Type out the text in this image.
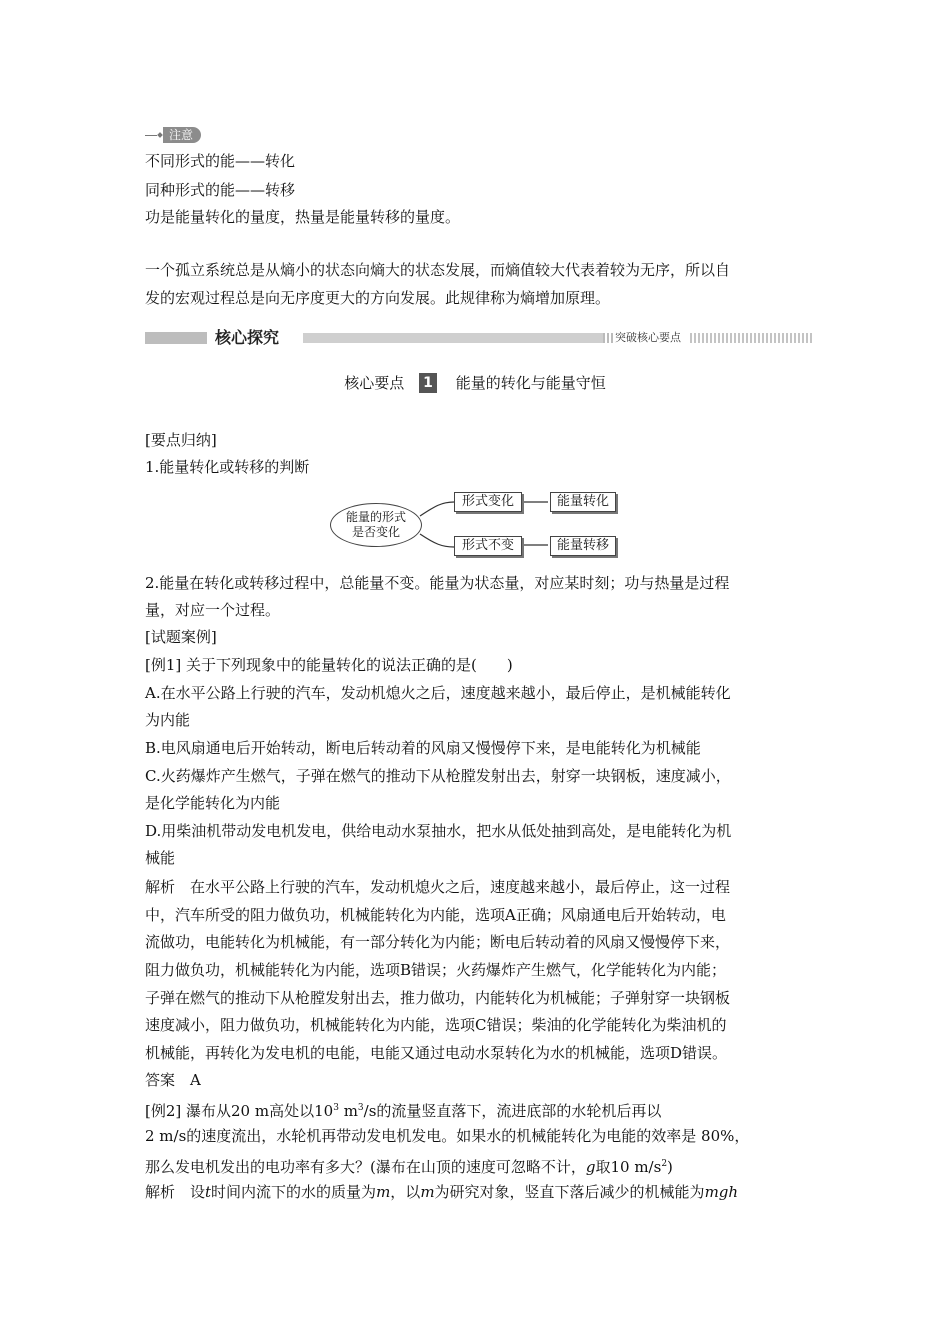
注意
不同形式的能——转化
同种形式的能——转移
功是能量转化的量度，热量是能量转移的量度。
一个孤立系统总是从熵小的状态向熵大的状态发展，而熵值较大代表着较为无序，所以自
发的宏观过程总是向无序度更大的方向发展。此规律称为熵增加原理。
核心探究	突破核心要点
核心要点 1 能量的转化与能量守恒
[要点归纳]
1.能量转化或转移的判断
能量的形式
是否变化
形式变化	能量转化
形式不变	能量转移
2.能量在转化或转移过程中，总能量不变。能量为状态量，对应某时刻；功与热量是过程
量，对应一个过程。
[试题案例]
[例1] 关于下列现象中的能量转化的说法正确的是(　　)
A.在水平公路上行驶的汽车，发动机熄火之后，速度越来越小，最后停止，是机械能转化
为内能
B.电风扇通电后开始转动，断电后转动着的风扇又慢慢停下来，是电能转化为机械能
C.火药爆炸产生燃气，子弹在燃气的推动下从枪膛发射出去，射穿一块钢板，速度减小，
是化学能转化为内能
D.用柴油机带动发电机发电，供给电动水泵抽水，把水从低处抽到高处，是电能转化为机
械能
解析　在水平公路上行驶的汽车，发动机熄火之后，速度越来越小，最后停止，这一过程
中，汽车所受的阻力做负功，机械能转化为内能，选项A正确；风扇通电后开始转动，电
流做功，电能转化为机械能，有一部分转化为内能；断电后转动着的风扇又慢慢停下来，
阻力做负功，机械能转化为内能，选项B错误；火药爆炸产生燃气，化学能转化为内能；
子弹在燃气的推动下从枪膛发射出去，推力做功，内能转化为机械能；子弹射穿一块钢板
速度减小，阻力做负功，机械能转化为内能，选项C错误；柴油的化学能转化为柴油机的
机械能，再转化为发电机的电能，电能又通过电动水泵转化为水的机械能，选项D错误。
答案　A
[例2] 瀑布从20 m高处以$10^3$ $m^3/s$的流量竖直落下，流进底部的水轮机后再以
2 m/s的速度流出，水轮机再带动发电机发电。如果水的机械能转化为电能的效率是 80%，
那么发电机发出的电功率有多大？(瀑布在山顶的速度可忽略不计，g取10 $m/s^2$)
解析　设t时间内流下的水的质量为m，以m为研究对象，竖直下落后减少的机械能为mgh
